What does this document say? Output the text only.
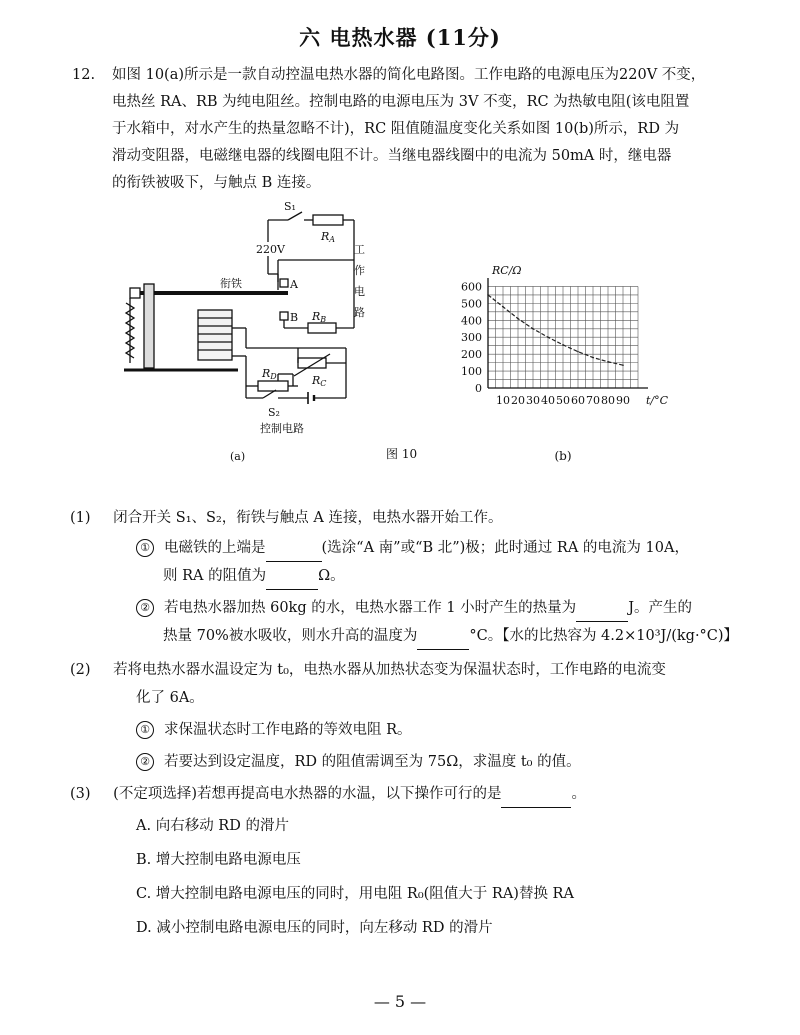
六 电热水器 (11分)
12. 如图 10(a)所示是一款自动控温电热水器的简化电路图。工作电路的电源电压为220V 不变，
电热丝 RA、RB 为纯电阻丝。控制电路的电源电压为 3V 不变，RC 为热敏电阻(该电阻置
于水箱中，对水产生的热量忽略不计)，RC 阻值随温度变化关系如图 10(b)所示，RD 为
滑动变阻器，电磁继电器的线圈电阻不计。当继电器线圈中的电流为 50mA 时，继电器
的衔铁被吸下，与触点 B 连接。
S₁
RA
220V	工
作
电
路
衔铁	A
B RB
RC
RD
S₂
控制电路
(a)	图 10
0
100
200
300
400
500
600
10 20 30 40 50 60 70 80 90
RC/Ω
t/°C
(b)
(1) 闭合开关 S₁、S₂，衔铁与触点 A 连接，电热水器开始工作。
① 电磁铁的上端是	(选涂“A 南”或“B 北”)极；此时通过 RA 的电流为 10A，
则 RA 的阻值为	Ω。
② 若电热水器加热 60kg 的水，电热水器工作 1 小时产生的热量为	J。产生的
热量 70%被水吸收，则水升高的温度为	°C。【水的比热容为 4.2×10³J/(kg·°C)】
(2) 若将电热水器水温设定为 t₀，电热水器从加热状态变为保温状态时，工作电路的电流变
化了 6A。
① 求保温状态时工作电路的等效电阻 R。
② 若要达到设定温度，RD 的阻值需调至为 75Ω，求温度 t₀ 的值。
(3) (不定项选择)若想再提高电水热器的水温，以下操作可行的是	。
A. 向右移动 RD 的滑片
B. 增大控制电路电源电压
C. 增大控制电路电源电压的同时，用电阻 R₀(阻值大于 RA)替换 RA
D. 减小控制电路电源电压的同时，向左移动 RD 的滑片
— 5 —
